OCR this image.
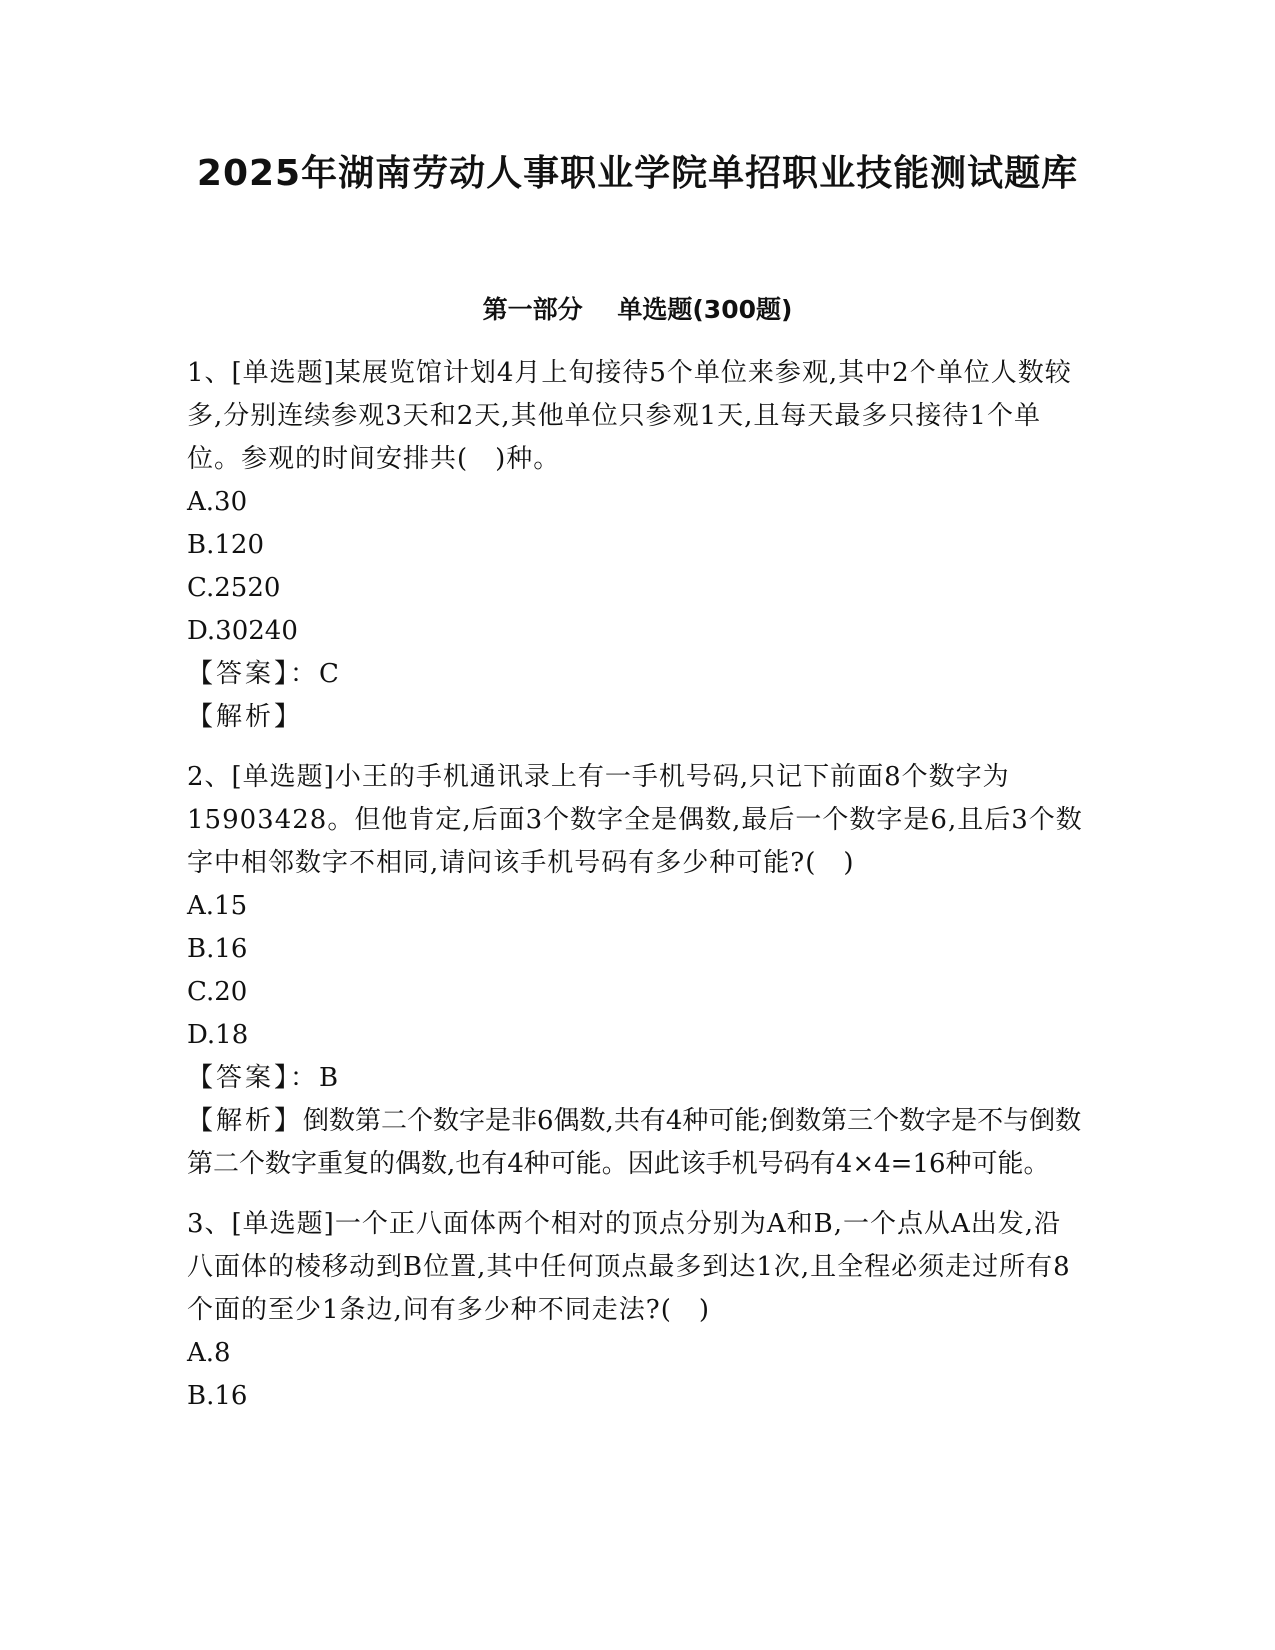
2025年湖南劳动人事职业学院单招职业技能测试题库
第一部分    单选题(300题)

1、[单选题]某展览馆计划4月上旬接待5个单位来参观,其中2个单位人数较多,分别连续参观3天和2天,其他单位只参观1天,且每天最多只接待1个单位。参观的时间安排共(　)种。

A.30

B.120

C.2520

D.30240

【答案】：C

【解析】

2、[单选题]小王的手机通讯录上有一手机号码,只记下前面8个数字为15903428。但他肯定,后面3个数字全是偶数,最后一个数字是6,且后3个数字中相邻数字不相同,请问该手机号码有多少种可能?(　)

A.15

B.16

C.20

D.18

【答案】：B

【解析】倒数第二个数字是非6偶数,共有4种可能;倒数第三个数字是不与倒数第二个数字重复的偶数,也有4种可能。因此该手机号码有4×4=16种可能。

3、[单选题]一个正八面体两个相对的顶点分别为A和B,一个点从A出发,沿八面体的棱移动到B位置,其中任何顶点最多到达1次,且全程必须走过所有8个面的至少1条边,问有多少种不同走法?(　)

A.8

B.16
